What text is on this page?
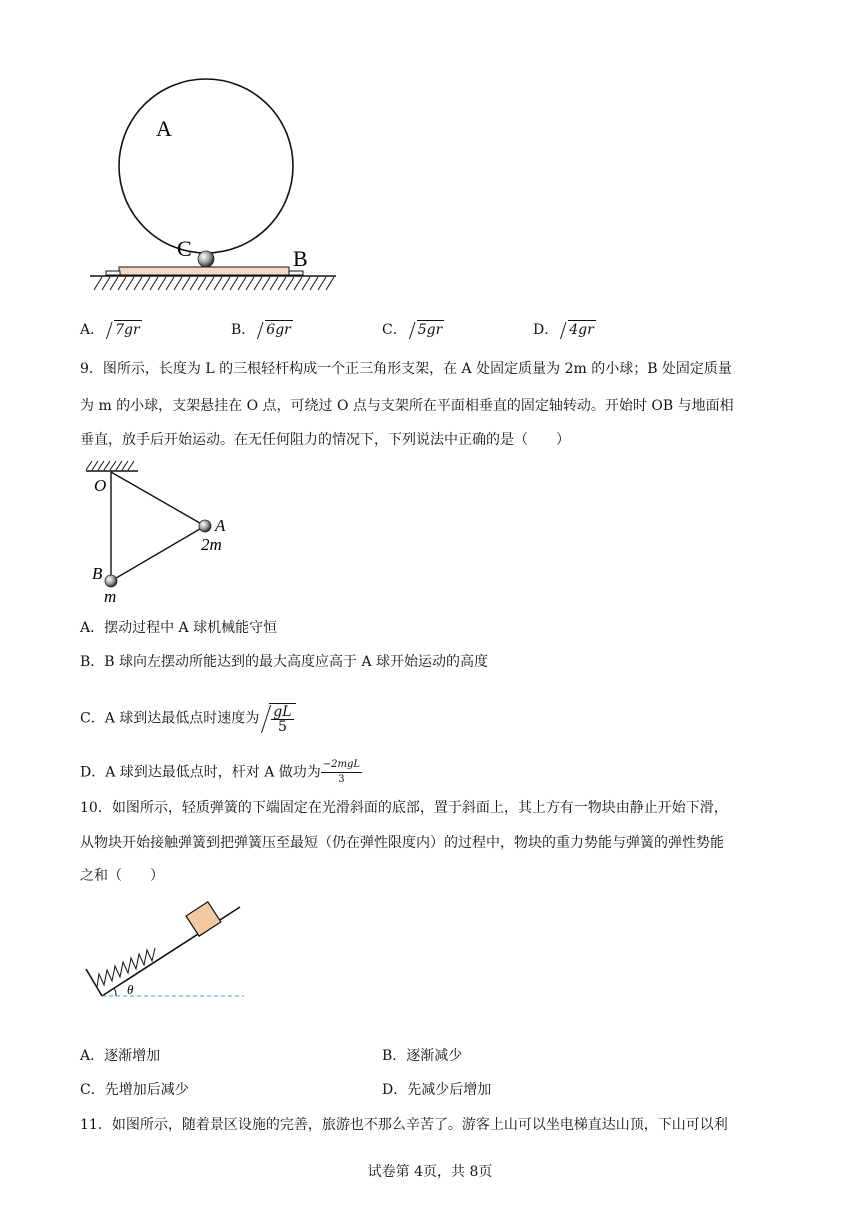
A
C	B
A． 7gr	B． 6gr	C． 5gr	D． 4gr
9．图所示，长度为 L 的三根轻杆构成一个正三角形支架，在 A 处固定质量为 2m 的小球；B 处固定质量
为 m 的小球，支架悬挂在 O 点，可绕过 O 点与支架所在平面相垂直的固定轴转动。开始时 OB 与地面相
垂直，放手后开始运动。在无任何阻力的情况下，下列说法中正确的是（　　）
O
A
2m
B
m
A．摆动过程中 A 球机械能守恒
B．B 球向左摆动所能达到的最大高度应高于 A 球开始运动的高度
C．A 球到达最低点时速度为 $\frac{gL}{5}$
D．A 球到达最低点时，杆对 A 做功为 $\frac{\text{−2mgL}}{3}$
10．如图所示，轻质弹簧的下端固定在光滑斜面的底部，置于斜面上，其上方有一物块由静止开始下滑，
从物块开始接触弹簧到把弹簧压至最短（仍在弹性限度内）的过程中，物块的重力势能与弹簧的弹性势能
之和（　　）
θ
A．逐渐增加	B．逐渐减少
C．先增加后减少	D．先减少后增加
11．如图所示，随着景区设施的完善，旅游也不那么辛苦了。游客上山可以坐电梯直达山顶，下山可以利
试卷第 4页，共 8页
